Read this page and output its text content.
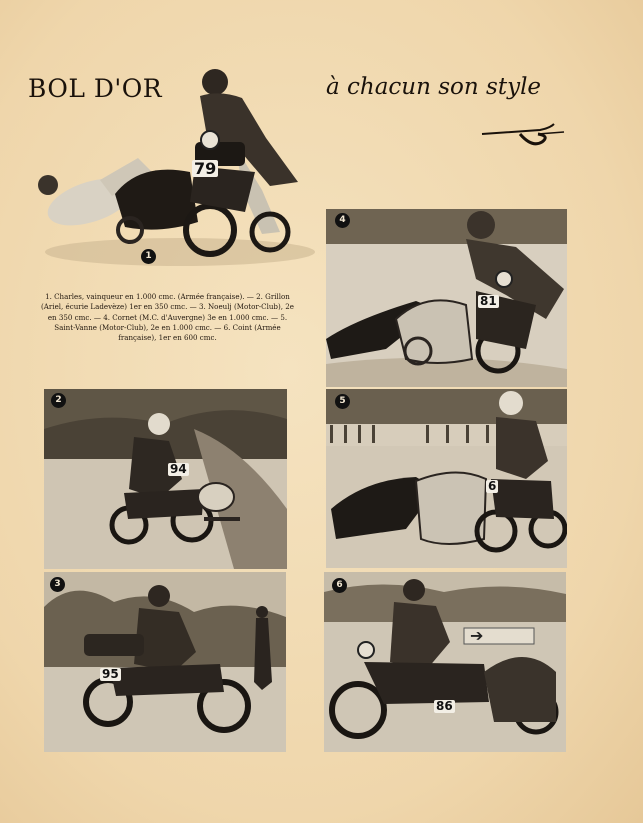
BOL D'OR	à chacun son style
79
1
1. Charles, vainqueur en 1.000 cmc. (Armée française). — 2. Grillon (Ariel, écurie Ladevèze) 1er en 350 cmc. — 3. Noeulj (Motor-Club), 2e en 350 cmc. — 4. Cornet (M.C. d'Auvergne) 3e en 1.000 cmc. — 5. Saint-Vanne (Motor-Club), 2e en 1.000 cmc. — 6. Coint (Armée française), 1er en 600 cmc.
81
4
94
2
6
5
95
3	6
86
➔
